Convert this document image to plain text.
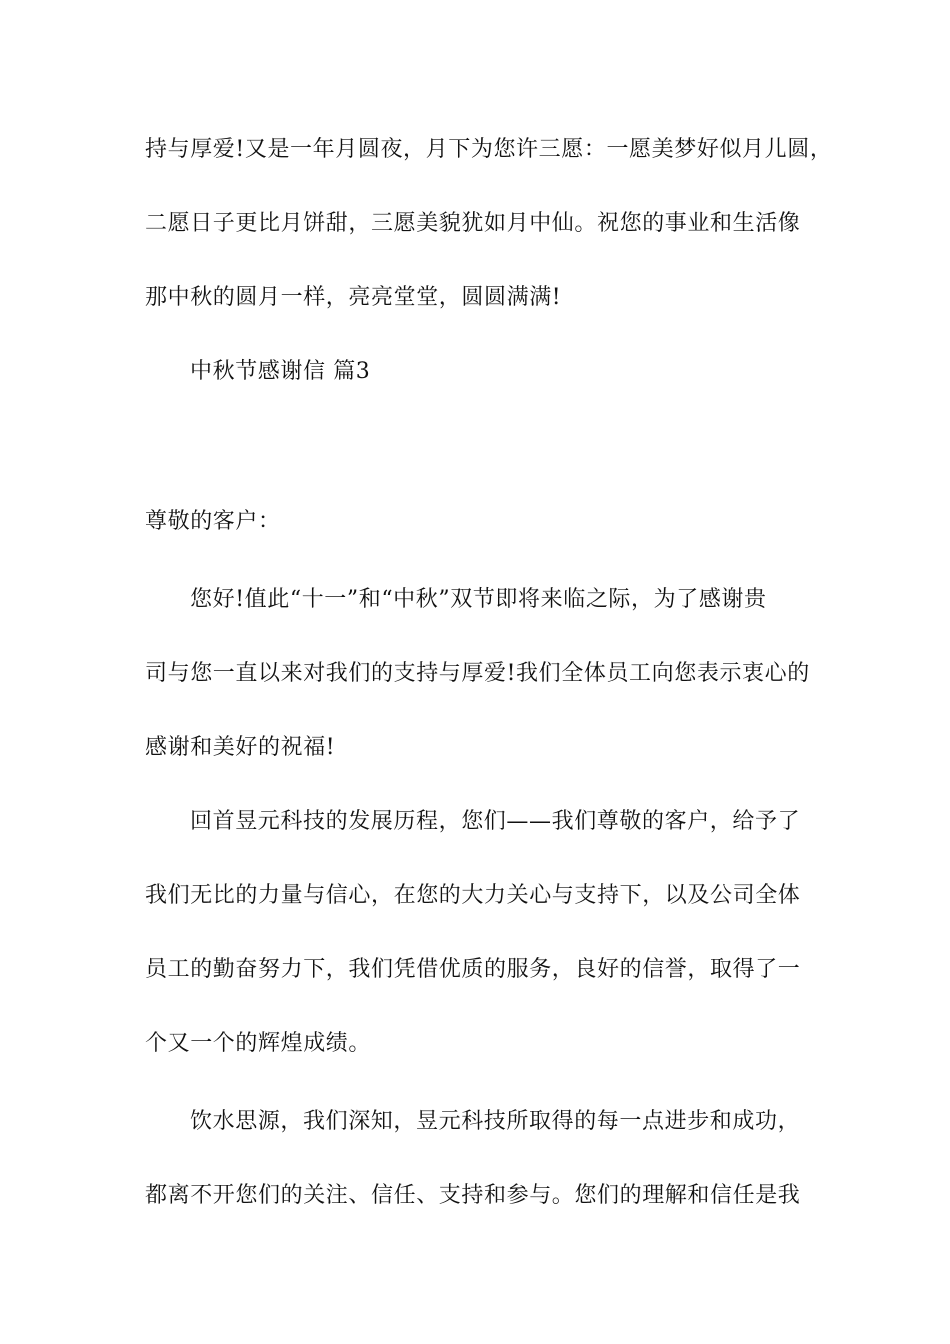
持与厚爱!又是一年月圆夜，月下为您许三愿：一愿美梦好似月儿圆，
二愿日子更比月饼甜，三愿美貌犹如月中仙。祝您的事业和生活像
那中秋的圆月一样，亮亮堂堂，圆圆满满!
中秋节感谢信 篇3
尊敬的客户：
您好!值此“十一”和“中秋”双节即将来临之际，为了感谢贵
司与您一直以来对我们的支持与厚爱!我们全体员工向您表示衷心的
感谢和美好的祝福!
回首昱元科技的发展历程，您们——我们尊敬的客户，给予了
我们无比的力量与信心，在您的大力关心与支持下，以及公司全体
员工的勤奋努力下，我们凭借优质的服务，良好的信誉，取得了一
个又一个的辉煌成绩。
饮水思源，我们深知，昱元科技所取得的每一点进步和成功，
都离不开您们的关注、信任、支持和参与。您们的理解和信任是我
